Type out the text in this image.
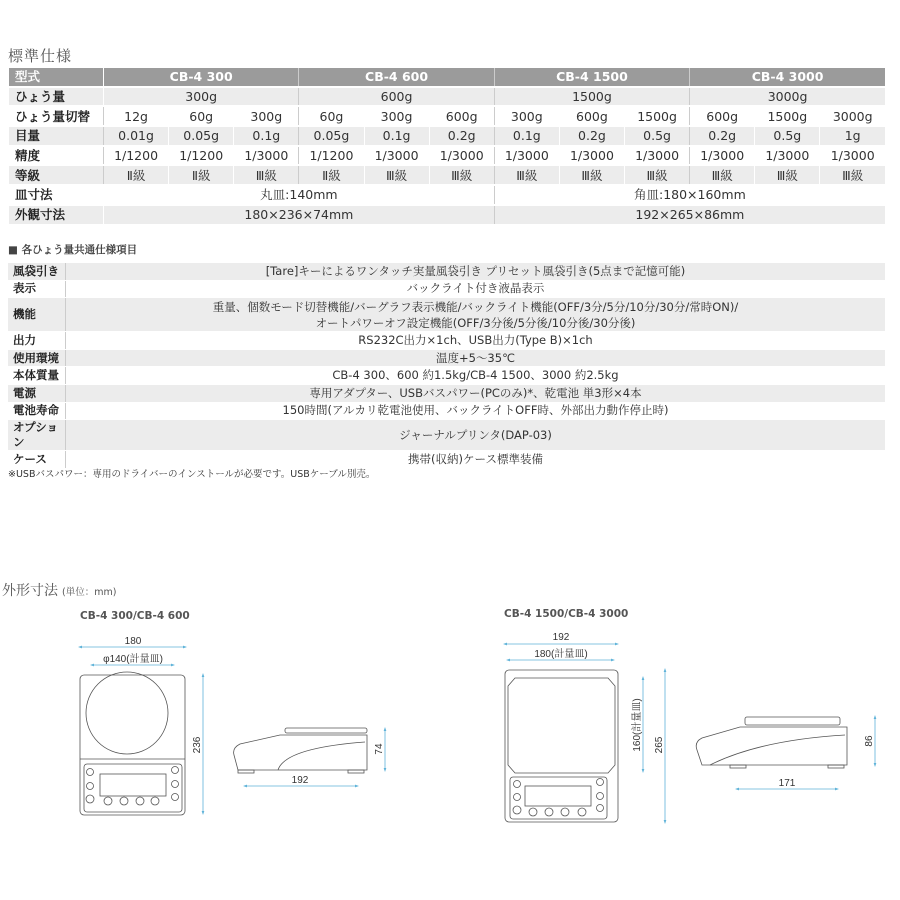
標準仕様
型式	CB-4 300			CB-4 600			CB-4 1500			CB-4 3000		
ひょう量	300g			600g			1500g			3000g		
ひょう量切替	12g	60g	300g	60g	300g	600g	300g	600g	1500g	600g	1500g	3000g
目量	0.01g	0.05g	0.1g	0.05g	0.1g	0.2g	0.1g	0.2g	0.5g	0.2g	0.5g	1g
精度	1/1200	1/1200	1/3000	1/1200	1/3000	1/3000	1/3000	1/3000	1/3000	1/3000	1/3000	1/3000
等級	Ⅱ級	Ⅱ級	Ⅲ級	Ⅱ級	Ⅲ級	Ⅲ級	Ⅲ級	Ⅲ級	Ⅲ級	Ⅲ級	Ⅲ級	Ⅲ級
皿寸法	丸皿:140mm						角皿:180×160mm					
外観寸法	180×236×74mm						192×265×86mm					
■ 各ひょう量共通仕様項目
風袋引き	[Tare]キーによるワンタッチ実量風袋引き プリセット風袋引き(5点まで記憶可能)
表示	バックライト付き液晶表示
機能	重量、個数モード切替機能/バーグラフ表示機能/バックライト機能(OFF/3分/5分/10分/30分/常時ON)/
オートパワーオフ設定機能(OFF/3分後/5分後/10分後/30分後)
出力	RS232C出力×1ch、USB出力(Type B)×1ch
使用環境	温度+5～35℃
本体質量	CB-4 300、600 約1.5kg/CB-4 1500、3000 約2.5kg
電源	専用アダプター、USBバスパワー(PCのみ)*、乾電池 単3形×4本
電池寿命	150時間(アルカリ乾電池使用、バックライトOFF時、外部出力動作停止時)
オプション	ジャーナルプリンタ(DAP-03)
ケース	携帯(収納)ケース標準装備
※USBバスパワー：専用のドライバーのインストールが必要です。USBケーブル別売。
外形寸法 (単位：mm)
CB-4 300/CB-4 600	CB-4 1500/CB-4 3000
180
φ140(計量皿)
236	74
192
192
180(計量皿)
160(計量皿) 265	86
171
